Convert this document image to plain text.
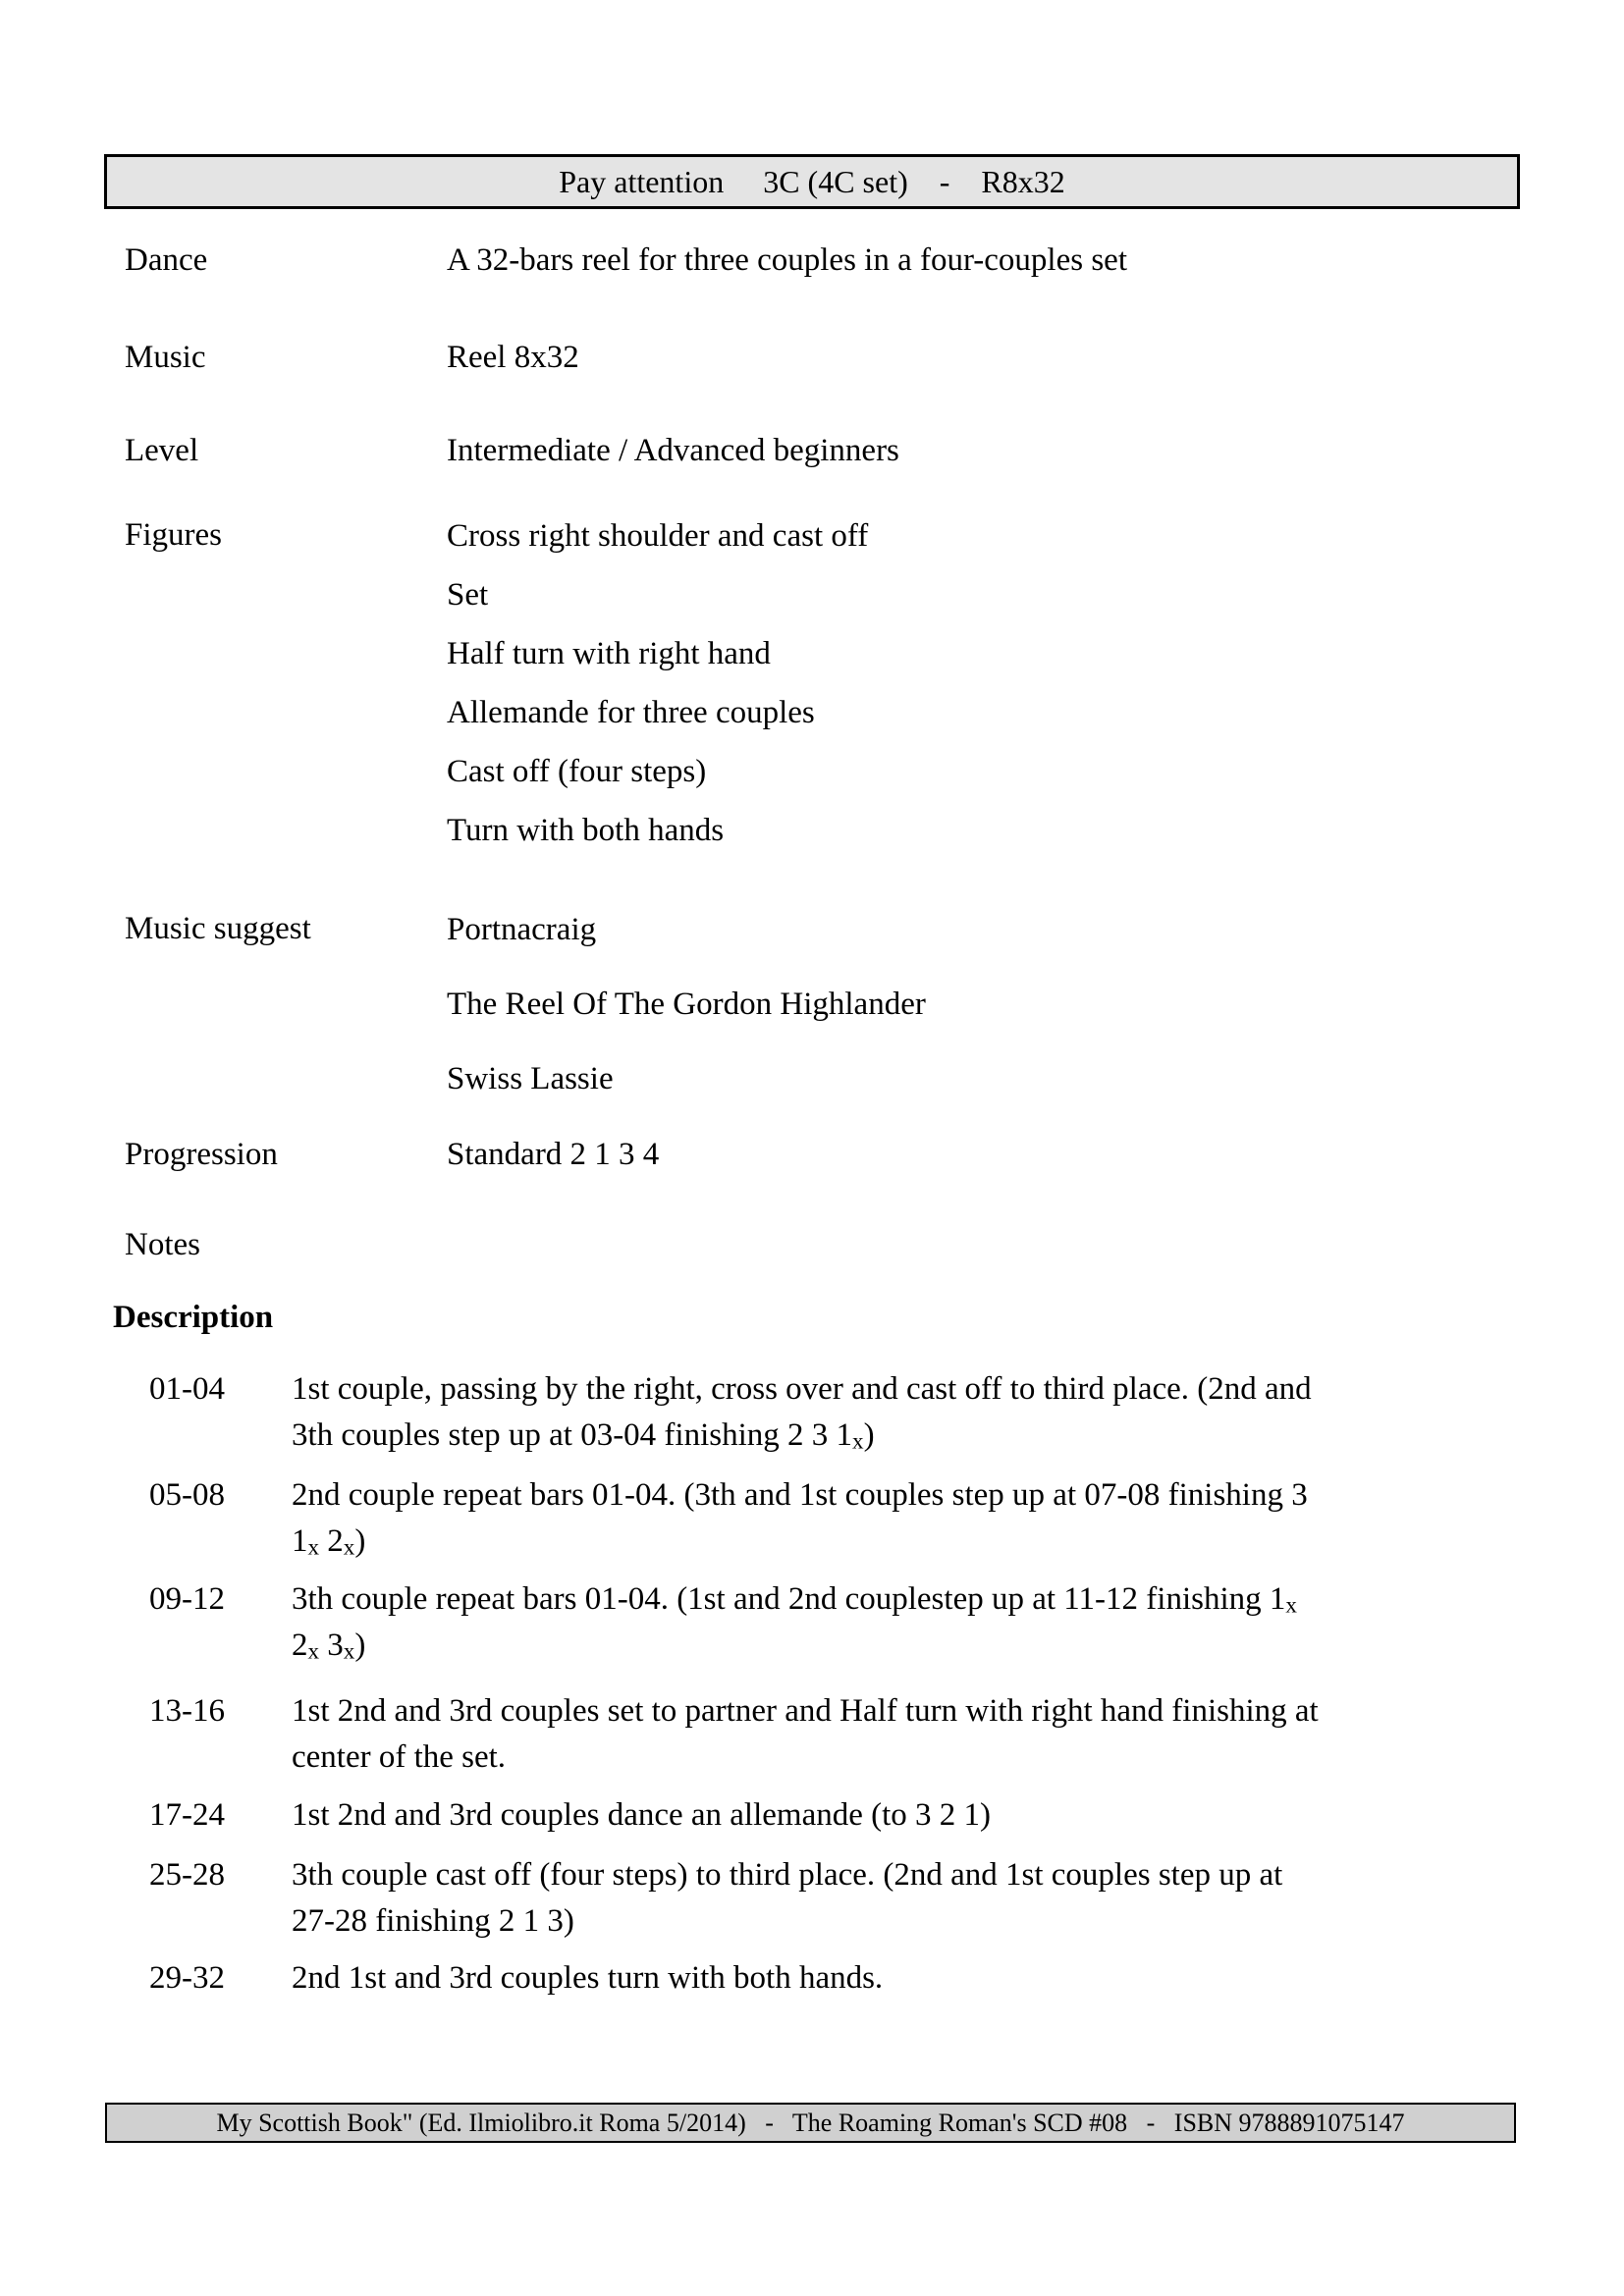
Pay attention     3C (4C set)    -    R8x32
Dance	A 32-bars reel for three couples in a four-couples set
Music	Reel 8x32
Level	Intermediate / Advanced beginners
Figures	Cross right shoulder and cast off
Set
Half turn with right hand
Allemande for three couples
Cast off (four steps)
Turn with both hands
Music suggest	Portnacraig
The Reel Of The Gordon Highlander
Swiss Lassie
Progression	Standard 2 1 3 4
Notes
Description
01-04 1st couple, passing by the right, cross over and cast off to third place. (2nd and
3th couples step up at 03-04 finishing 2 3 $1_x$)
05-08 2nd couple repeat bars 01-04. (3th and 1st couples step up at 07-08 finishing 3
$1_x$ $2_x$)
09-12 3th couple repeat bars 01-04. (1st and 2nd couplestep up at 11-12 finishing $1_x$
$2_x$ $3_x$)
13-16 1st 2nd and 3rd couples set to partner and Half turn with right hand finishing at
center of the set.
17-24 1st 2nd and 3rd couples dance an allemande (to 3 2 1)
25-28 3th couple cast off (four steps) to third place. (2nd and 1st couples step up at
27-28 finishing 2 1 3)
29-32 2nd 1st and 3rd couples turn with both hands.
My Scottish Book" (Ed. Ilmiolibro.it Roma 5/2014)   -   The Roaming Roman's SCD #08   -   ISBN 9788891075147
